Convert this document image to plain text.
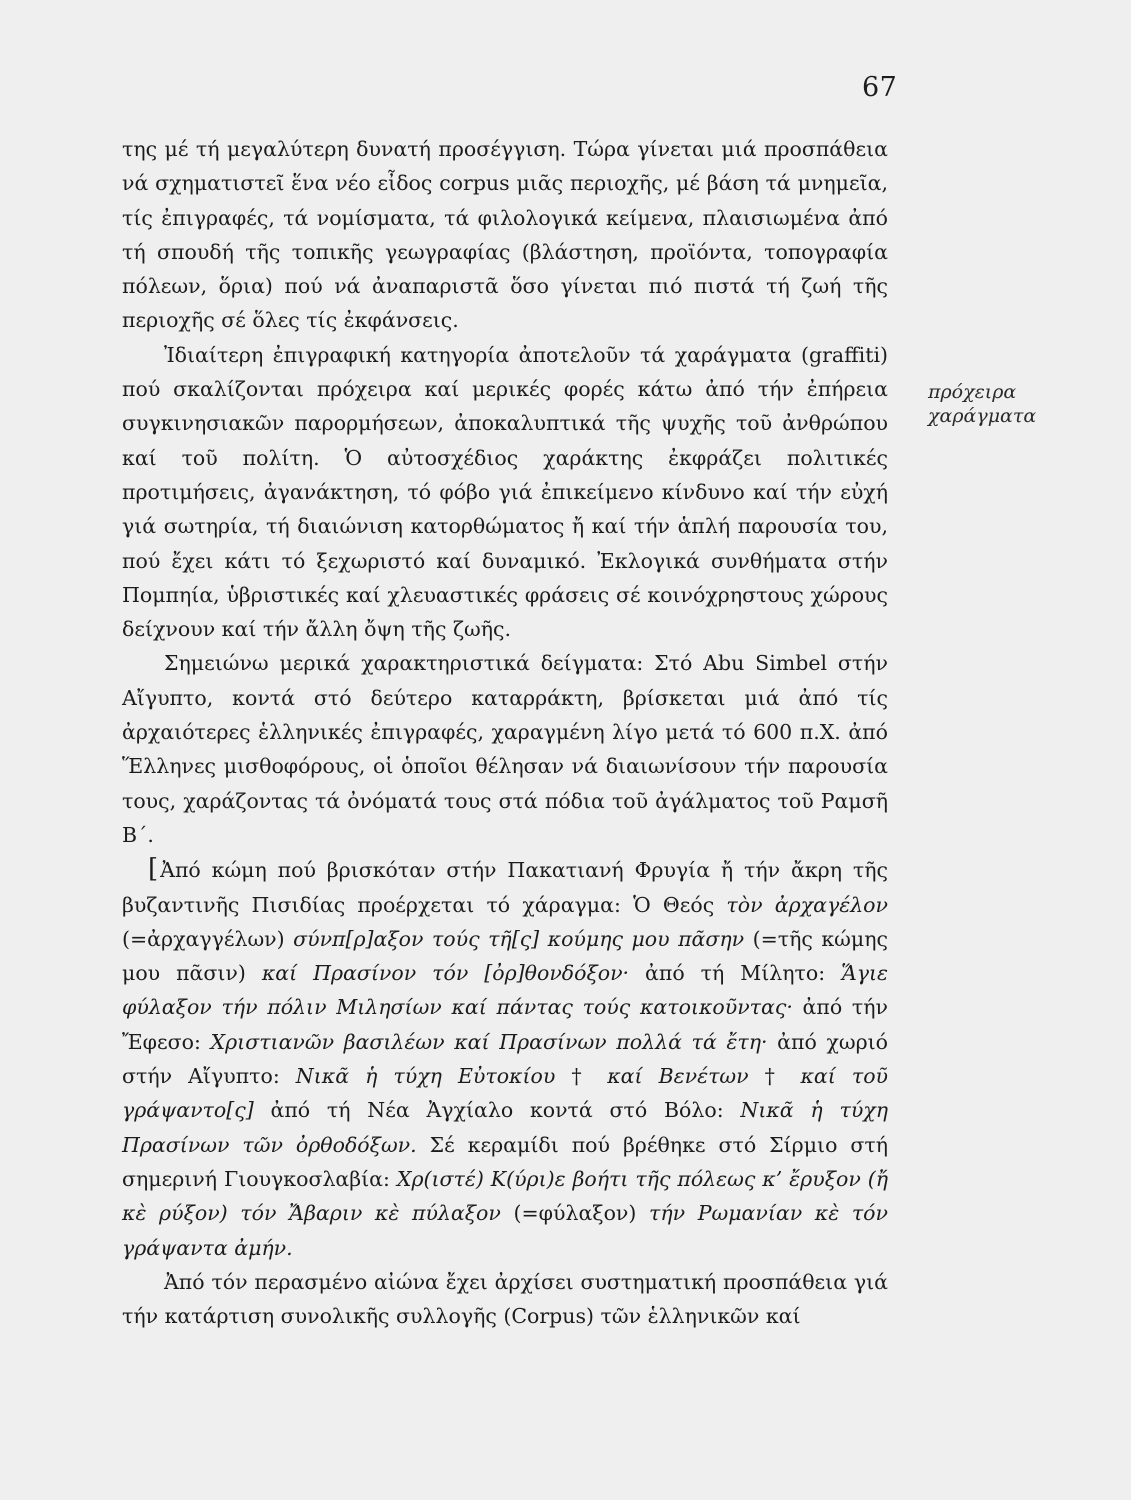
67

της μέ τή μεγαλύτερη δυνατή προσέγγιση. Τώρα γίνεται μιά προσπάθεια νά σχηματιστεῖ ἕνα νέο εἶδος corpus μιᾶς περιοχῆς, μέ βάση τά μνημεῖα, τίς ἐπιγραφές, τά νομίσματα, τά φιλολογικά κείμενα, πλαισιωμένα ἀπό τή σπουδή τῆς τοπικῆς γεωγραφίας (βλάστηση, προϊόντα, τοπογραφία πόλεων, ὅρια) πού νά ἀναπαριστᾶ ὅσο γίνεται πιό πιστά τή ζωή τῆς περιοχῆς σέ ὅλες τίς ἐκφάνσεις.

Ἰδιαίτερη ἐπιγραφική κατηγορία ἀποτελοῦν τά χαράγματα (graffiti) πού σκαλίζονται πρόχειρα καί μερικές φορές κάτω ἀπό τήν ἐπήρεια συγκινησιακῶν παρορμήσεων, ἀποκαλυπτικά τῆς ψυχῆς τοῦ ἀνθρώπου καί τοῦ πολίτη. Ὁ αὐτοσχέδιος χαράκτης ἐκφράζει πολιτικές προτιμήσεις, ἀγανάκτηση, τό φόβο γιά ἐπικείμενο κίνδυνο καί τήν εὐχή γιά σωτηρία, τή διαιώνιση κατορθώματος ἤ καί τήν ἁπλή παρουσία του, πού ἔχει κάτι τό ξεχωριστό καί δυναμικό. Ἐκλογικά συνθήματα στήν Πομπηία, ὑβριστικές καί χλευαστικές φράσεις σέ κοινόχρηστους χώρους δείχνουν καί τήν ἄλλη ὄψη τῆς ζωῆς.

Σημειώνω μερικά χαρακτηριστικά δείγματα: Στό Abu Simbel στήν Αἴγυπτο, κοντά στό δεύτερο καταρράκτη, βρίσκεται μιά ἀπό τίς ἀρχαιότερες ἑλληνικές ἐπιγραφές, χαραγμένη λίγο μετά τό 600 π.Χ. ἀπό Ἕλληνες μισθοφόρους, οἱ ὁποῖοι θέλησαν νά διαιωνίσουν τήν παρουσία τους, χαράζοντας τά ὀνόματά τους στά πόδια τοῦ ἀγάλματος τοῦ Ραμσῆ Β΄.

[Ἀπό κώμη πού βρισκόταν στήν Πακατιανή Φρυγία ἤ τήν ἄκρη τῆς βυζαντινῆς Πισιδίας προέρχεται τό χάραγμα: Ὁ Θεός τὸν ἀρχαγέλον (=ἀρχαγγέλων) σύνπ[ρ]αξον τούς τῆ[ς] κούμης μου πᾶσην (=τῆς κώμης μου πᾶσιν) καί Πρασίνον τόν [ὀρ]θονδόξον· ἀπό τή Μίλητο: Ἅγιε φύλαξον τήν πόλιν Μιλησίων καί πάντας τούς κατοικοῦντας· ἀπό τήν Ἔφεσο: Χριστιανῶν βασιλέων καί Πρασίνων πολλά τά ἔτη· ἀπό χωριό στήν Αἴγυπτο: Νικᾶ ἡ τύχη Εὐτοκίου † καί Βενέτων † καί τοῦ γράψαντο[ς] ἀπό τή Νέα Ἀγχίαλο κοντά στό Βόλο: Νικᾶ ἡ τύχη Πρασίνων τῶν ὀρθοδόξων. Σέ κεραμίδι πού βρέθηκε στό Σίρμιο στή σημερινή Γιουγκοσλαβία: Χρ(ιστέ) Κ(ύρι)ε βοήτι τῆς πόλεως κ’ ἔρυξον (ἤ κὲ ρύξον) τόν Ἄβαριν κὲ πύλαξον (=φύλαξον) τήν Ρωμανίαν κὲ τόν γράψαντα ἀμήν.

Ἀπό τόν περασμένο αἰώνα ἔχει ἀρχίσει συστηματική προσπάθεια γιά τήν κατάρτιση συνολικῆς συλλογῆς (Corpus) τῶν ἑλληνικῶν καί

πρόχειρα
χαράγματα
